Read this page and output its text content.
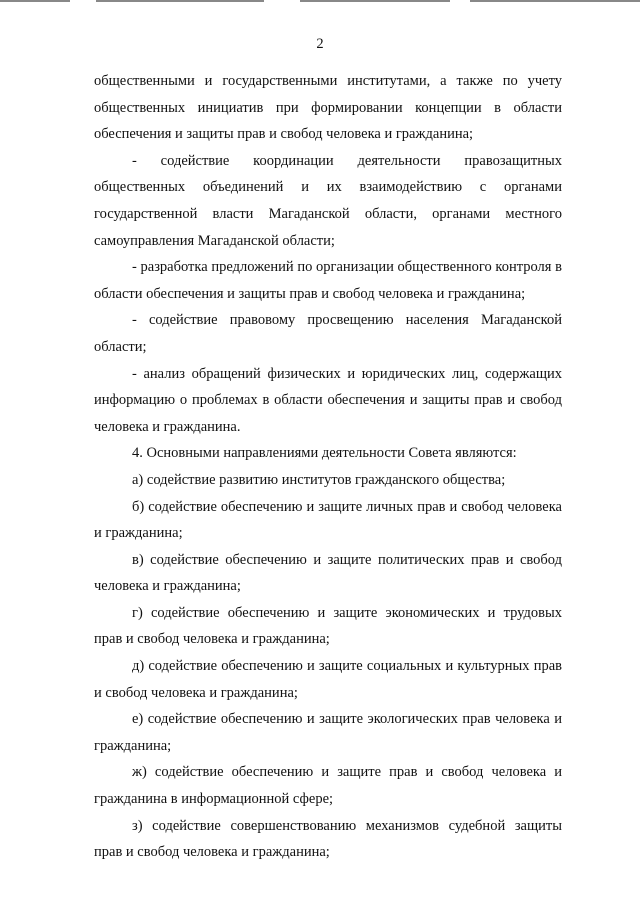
2

общественными и государственными институтами, а также по учету общественных инициатив при формировании концепции в области обеспечения и защиты прав и свобод человека и гражданина;

- содействие координации деятельности правозащитных общественных объединений и их взаимодействию с органами государственной власти Магаданской области, органами местного самоуправления Магаданской области;

- разработка предложений по организации общественного контроля в области обеспечения и защиты прав и свобод человека и гражданина;

- содействие правовому просвещению населения Магаданской области;

- анализ обращений физических и юридических лиц, содержащих информацию о проблемах в области обеспечения и защиты прав и свобод человека и гражданина.

4. Основными направлениями деятельности Совета являются:

а) содействие развитию институтов гражданского общества;

б) содействие обеспечению и защите личных прав и свобод человека и гражданина;

в) содействие обеспечению и защите политических прав и свобод человека и гражданина;

г) содействие обеспечению и защите экономических и трудовых прав и свобод человека и гражданина;

д) содействие обеспечению и защите социальных и культурных прав и свобод человека и гражданина;

е) содействие обеспечению и защите экологических прав человека и гражданина;

ж) содействие обеспечению и защите прав и свобод человека и гражданина в информационной сфере;

з) содействие совершенствованию механизмов судебной защиты прав и свобод человека и гражданина;
